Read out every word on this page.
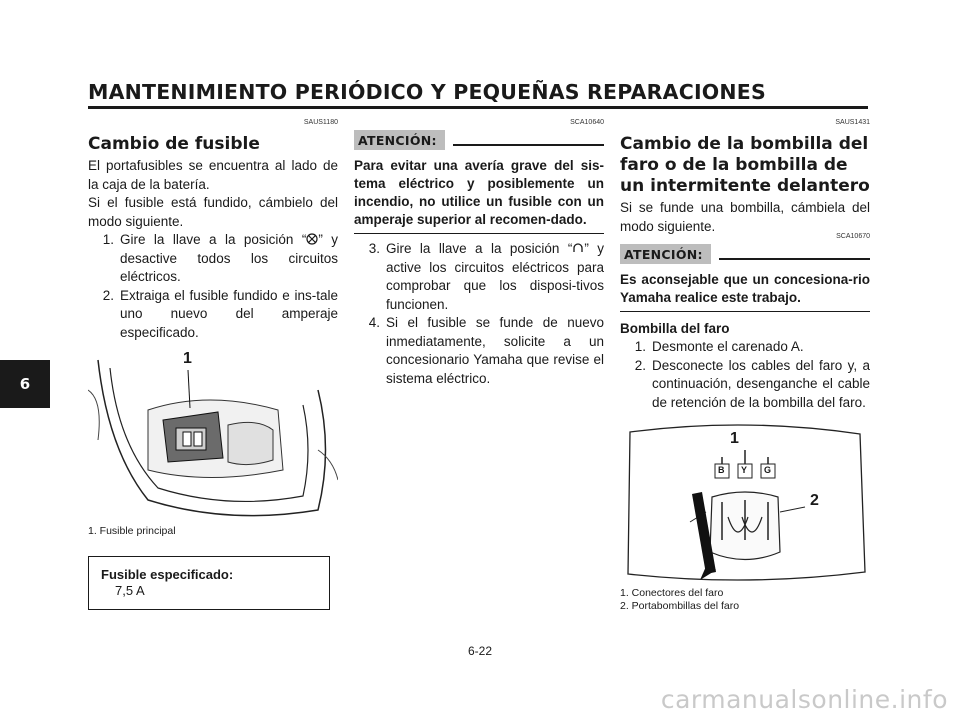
MANTENIMIENTO PERIÓDICO Y PEQUEÑAS REPARACIONES
6
SAUS1180
Cambio de fusible

El portafusibles se encuentra al lado de la caja de la batería.

Si el fusible está fundido, cámbielo del modo siguiente.

1. Gire la llave a la posición “ ” y desactive todos los circuitos eléctricos.
2. Extraiga el fusible fundido e ins-tale uno nuevo del amperaje especificado.
1
1. Fusible principal
Fusible especificado:
7,5 A
SCA10640
ATENCIÓN:
Para evitar una avería grave del sis-tema eléctrico y posiblemente un incendio, no utilice un fusible con un amperaje superior al recomen-dado.
3. Gire la llave a la posición “ ” y active los circuitos eléctricos para comprobar que los disposi-tivos funcionen.
4. Si el fusible se funde de nuevo inmediatamente, solicite a un concesionario Yamaha que revise el sistema eléctrico.
SAUS1431
Cambio de la bombilla del faro o de la bombilla de un intermitente delantero

Si se funde una bombilla, cámbiela del modo siguiente.

SCA10670
ATENCIÓN:
Es aconsejable que un concesiona-rio Yamaha realice este trabajo.
Bombilla del faro
1. Desmonte el carenado A.
2. Desconecte los cables del faro y, a continuación, desenganche el cable de retención de la bombilla del faro.
B Y G
1
2
1. Conectores del faro
2. Portabombillas del faro
6-22
carmanualsonline.info
